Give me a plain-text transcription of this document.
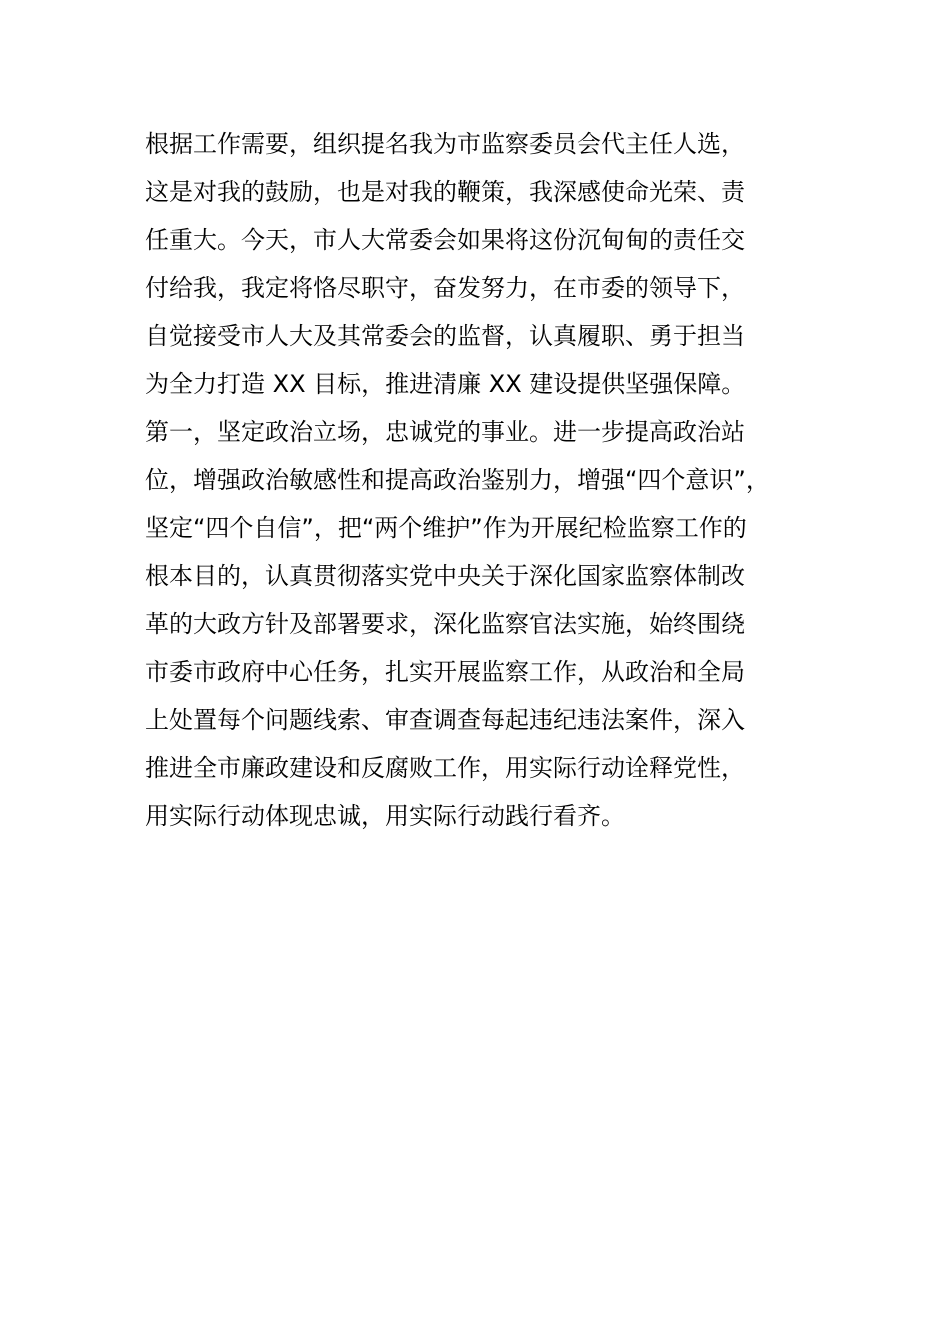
根据工作需要，组织提名我为市监察委员会代主任人选，
这是对我的鼓励，也是对我的鞭策，我深感使命光荣、责
任重大。今天，市人大常委会如果将这份沉甸甸的责任交
付给我，我定将恪尽职守，奋发努力，在市委的领导下，
自觉接受市人大及其常委会的监督，认真履职、勇于担当
为全力打造 XX 目标，推进清廉 XX 建设提供坚强保障。
第一，坚定政治立场，忠诚党的事业。进一步提高政治站
位，增强政治敏感性和提高政治鉴别力，增强“四个意识”，
坚定“四个自信”，把“两个维护”作为开展纪检监察工作的
根本目的，认真贯彻落实党中央关于深化国家监察体制改
革的大政方针及部署要求，深化监察官法实施，始终围绕
市委市政府中心任务，扎实开展监察工作，从政治和全局
上处置每个问题线索、审查调查每起违纪违法案件，深入
推进全市廉政建设和反腐败工作，用实际行动诠释党性，
用实际行动体现忠诚，用实际行动践行看齐。
